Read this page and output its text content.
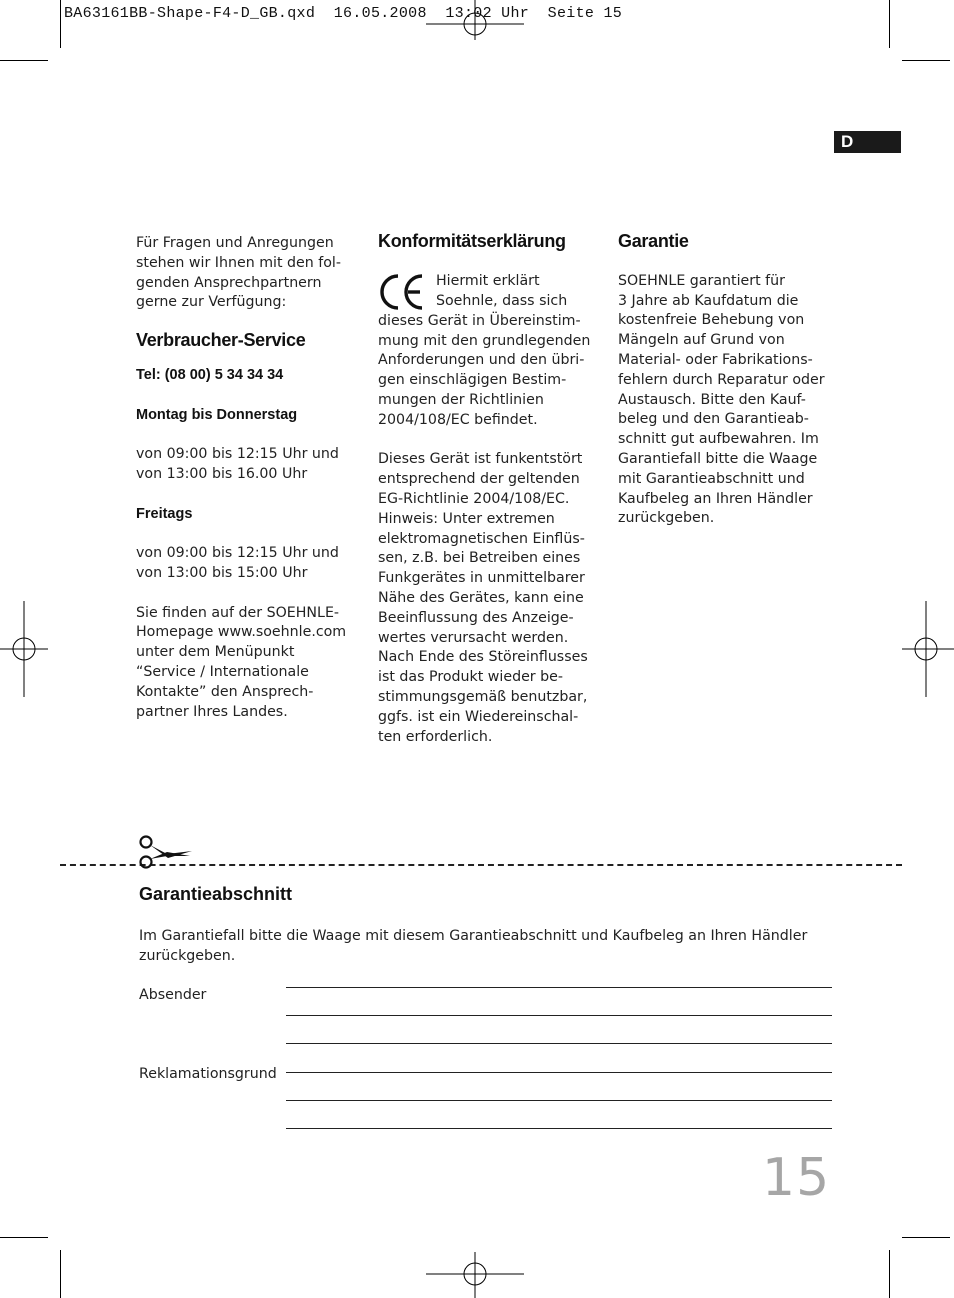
BA63161BB-Shape-F4-D_GB.qxd  16.05.2008  13:02 Uhr  Seite 15
D

Für Fragen und Anregungen

stehen wir Ihnen mit den fol-

genden Ansprechpartnern

gerne zur Verfügung:

Verbraucher-Service
Tel: (08 00) 5 34 34 34
Montag bis Donnerstag

von 09:00 bis 12:15 Uhr und

von 13:00 bis 16.00 Uhr

Freitags

von 09:00 bis 12:15 Uhr und

von 13:00 bis 15:00 Uhr

Sie finden auf der SOEHNLE-

Homepage www.soehnle.com

unter dem Menüpunkt

“Service / Internationale

Kontakte” den Ansprech-

partner Ihres Landes.

Konformitätserklärung

Hiermit erklärt

Soehnle, dass sich

dieses Gerät in Übereinstim-

mung mit den grundlegenden

Anforderungen und den übri-

gen einschlägigen Bestim-

mungen der Richtlinien

2004/108/EC befindet.

Dieses Gerät ist funkentstört

entsprechend der geltenden

EG-Richtlinie 2004/108/EC.

Hinweis: Unter extremen

elektromagnetischen Einflüs-

sen, z.B. bei Betreiben eines

Funkgerätes in unmittelbarer

Nähe des Gerätes, kann eine

Beeinflussung des Anzeige-

wertes verursacht werden.

Nach Ende des Störeinflusses

ist das Produkt wieder be-

stimmungsgemäß benutzbar,

ggfs. ist ein Wiedereinschal-

ten erforderlich.

Garantie

SOEHNLE garantiert für

3 Jahre ab Kaufdatum die

kostenfreie Behebung von

Mängeln auf Grund von

Material- oder Fabrikations-

fehlern durch Reparatur oder

Austausch. Bitte den Kauf-

beleg und den Garantieab-

schnitt gut aufbewahren. Im

Garantiefall bitte die Waage

mit Garantieabschnitt und

Kaufbeleg an Ihren Händler

zurückgeben.

Garantieabschnitt
Im Garantiefall bitte die Waage mit diesem Garantieabschnitt und Kaufbeleg an Ihren Händler
zurückgeben.
Absender
Reklamationsgrund
15
